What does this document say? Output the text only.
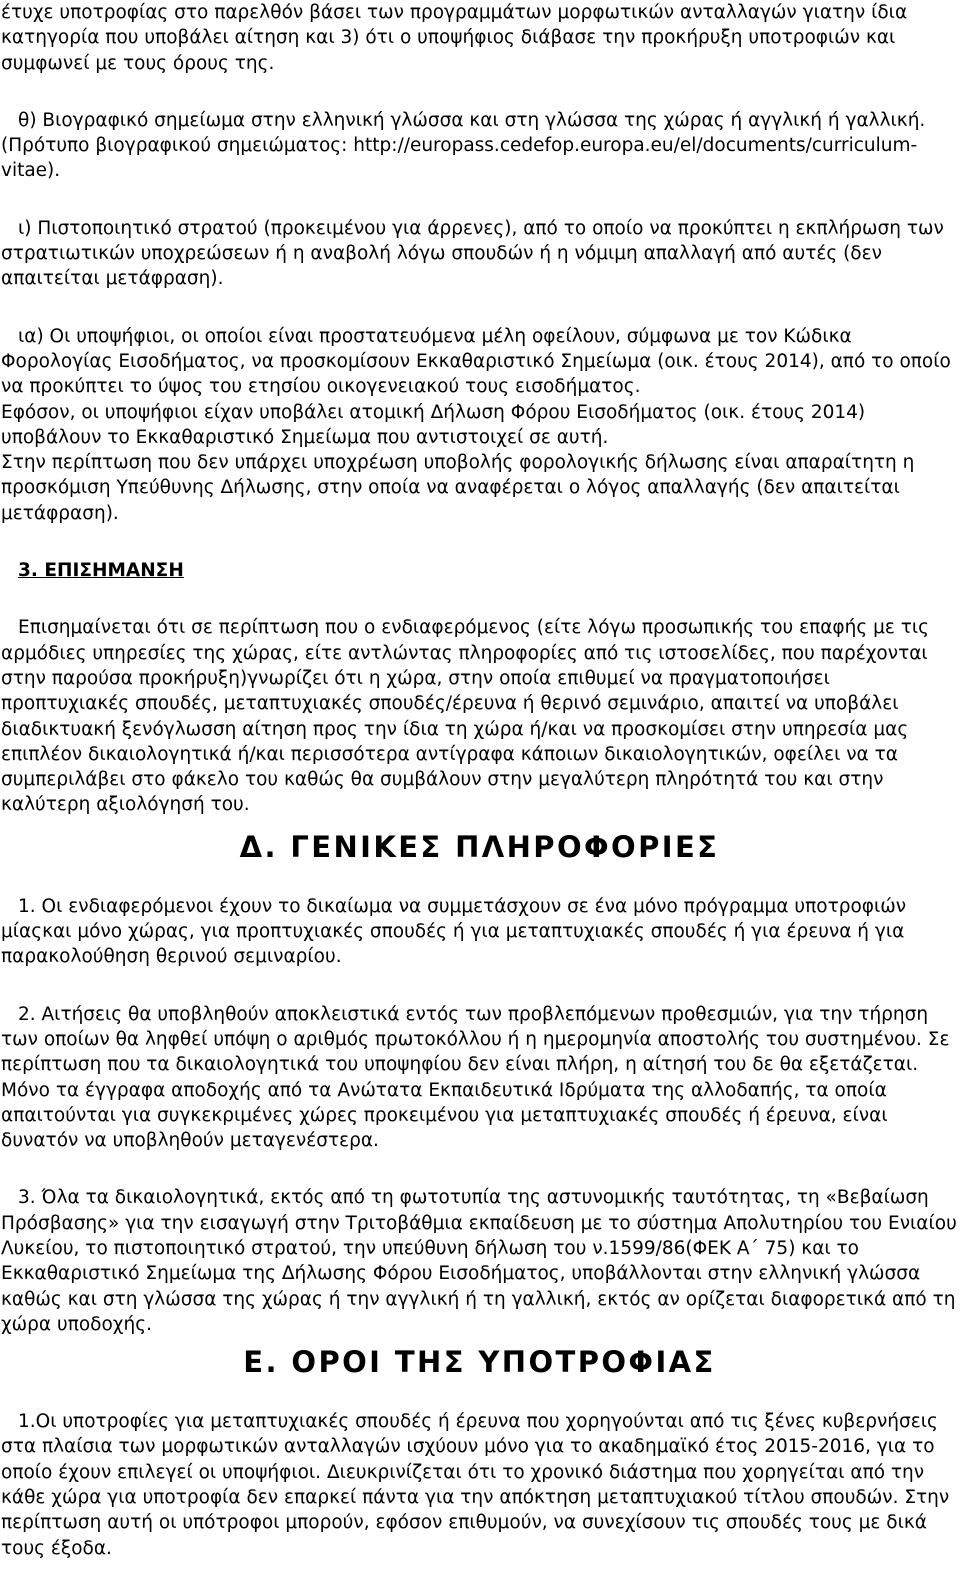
έτυχε υποτροφίας στο παρελθόν βάσει των προγραμμάτων μορφωτικών ανταλλαγών γιατην ίδια κατηγορία που υποβάλει αίτηση και 3) ότι ο υποψήφιος διάβασε την προκήρυξη υποτροφιών και συμφωνεί με τους όρους της.

θ) Βιογραφικό σημείωμα στην ελληνική γλώσσα και στη γλώσσα της χώρας ή αγγλική ή γαλλική. (Πρότυπο βιογραφικού σημειώματος: http://europass.cedefop.europa.eu/el/documents/curriculum-vitae).

ι) Πιστοποιητικό στρατού (προκειμένου για άρρενες), από το οποίο να προκύπτει η εκπλήρωση των στρατιωτικών υποχρεώσεων ή η αναβολή λόγω σπουδών ή η νόμιμη απαλλαγή από αυτές (δεν απαιτείται μετάφραση).

ια) Οι υποψήφιοι, οι οποίοι είναι προστατευόμενα μέλη οφείλουν, σύμφωνα με τον Κώδικα Φορολογίας Εισοδήματος, να προσκομίσουν Εκκαθαριστικό Σημείωμα (οικ. έτους 2014), από το οποίο να προκύπτει το ύψος του ετησίου οικογενειακού τους εισοδήματος.

Εφόσον, οι υποψήφιοι είχαν υποβάλει ατομική Δήλωση Φόρου Εισοδήματος (οικ. έτους 2014) υποβάλουν το Εκκαθαριστικό Σημείωμα που αντιστοιχεί σε αυτή.

Στην περίπτωση που δεν υπάρχει υποχρέωση υποβολής φορολογικής δήλωσης είναι απαραίτητη η προσκόμιση Υπεύθυνης Δήλωσης, στην οποία να αναφέρεται ο λόγος απαλλαγής (δεν απαιτείται μετάφραση).

3. ΕΠΙΣΗΜΑΝΣΗ

Επισημαίνεται ότι σε περίπτωση που ο ενδιαφερόμενος (είτε λόγω προσωπικής του επαφής με τις αρμόδιες υπηρεσίες της χώρας, είτε αντλώντας πληροφορίες από τις ιστοσελίδες, που παρέχονται στην παρούσα προκήρυξη)γνωρίζει ότι η χώρα, στην οποία επιθυμεί να πραγματοποιήσει προπτυχιακές σπουδές, μεταπτυχιακές σπουδές/έρευνα ή θερινό σεμινάριο, απαιτεί να υποβάλει διαδικτυακή ξενόγλωσση αίτηση προς την ίδια τη χώρα ή/και να προσκομίσει στην υπηρεσία μας επιπλέον δικαιολογητικά ή/και περισσότερα αντίγραφα κάποιων δικαιολογητικών, οφείλει να τα συμπεριλάβει στο φάκελο του καθώς θα συμβάλουν στην μεγαλύτερη πληρότητά του και στην καλύτερη αξιολόγησή του.

Δ. ΓΕΝΙΚΕΣ ΠΛΗΡΟΦΟΡΙΕΣ

1. Οι ενδιαφερόμενοι έχουν το δικαίωμα να συμμετάσχουν σε ένα μόνο πρόγραμμα υποτροφιών μίαςκαι μόνο χώρας, για προπτυχιακές σπουδές ή για μεταπτυχιακές σπουδές ή για έρευνα ή για παρακολούθηση θερινού σεμιναρίου.

2. Αιτήσεις θα υποβληθούν αποκλειστικά εντός των προβλεπόμενων προθεσμιών, για την τήρηση των οποίων θα ληφθεί υπόψη ο αριθμός πρωτοκόλλου ή η ημερομηνία αποστολής του συστημένου. Σε περίπτωση που τα δικαιολογητικά του υποψηφίου δεν είναι πλήρη, η αίτησή του δε θα εξετάζεται. Μόνο τα έγγραφα αποδοχής από τα Ανώτατα Εκπαιδευτικά Ιδρύματα της αλλοδαπής, τα οποία απαιτούνται για συγκεκριμένες χώρες προκειμένου για μεταπτυχιακές σπουδές ή έρευνα, είναι δυνατόν να υποβληθούν μεταγενέστερα.

3. Όλα τα δικαιολογητικά, εκτός από τη φωτοτυπία της αστυνομικής ταυτότητας, τη «Βεβαίωση Πρόσβασης» για την εισαγωγή στην Τριτοβάθμια εκπαίδευση με το σύστημα Απολυτηρίου του Ενιαίου Λυκείου, το πιστοποιητικό στρατού, την υπεύθυνη δήλωση του ν.1599/86(ΦΕΚ Α΄ 75) και το Εκκαθαριστικό Σημείωμα της Δήλωσης Φόρου Εισοδήματος, υποβάλλονται στην ελληνική γλώσσα καθώς και στη γλώσσα της χώρας ή την αγγλική ή τη γαλλική, εκτός αν ορίζεται διαφορετικά από τη χώρα υποδοχής.

Ε. ΟΡΟΙ ΤΗΣ ΥΠΟΤΡΟΦΙΑΣ

1.Οι υποτροφίες για μεταπτυχιακές σπουδές ή έρευνα που χορηγούνται από τις ξένες κυβερνήσεις στα πλαίσια των μορφωτικών ανταλλαγών ισχύουν μόνο για το ακαδημαϊκό έτος 2015-2016, για το οποίο έχουν επιλεγεί οι υποψήφιοι. Διευκρινίζεται ότι το χρονικό διάστημα που χορηγείται από την κάθε χώρα για υποτροφία δεν επαρκεί πάντα για την απόκτηση μεταπτυχιακού τίτλου σπουδών. Στην περίπτωση αυτή οι υπότροφοι μπορούν, εφόσον επιθυμούν, να συνεχίσουν τις σπουδές τους με δικά τους έξοδα.
